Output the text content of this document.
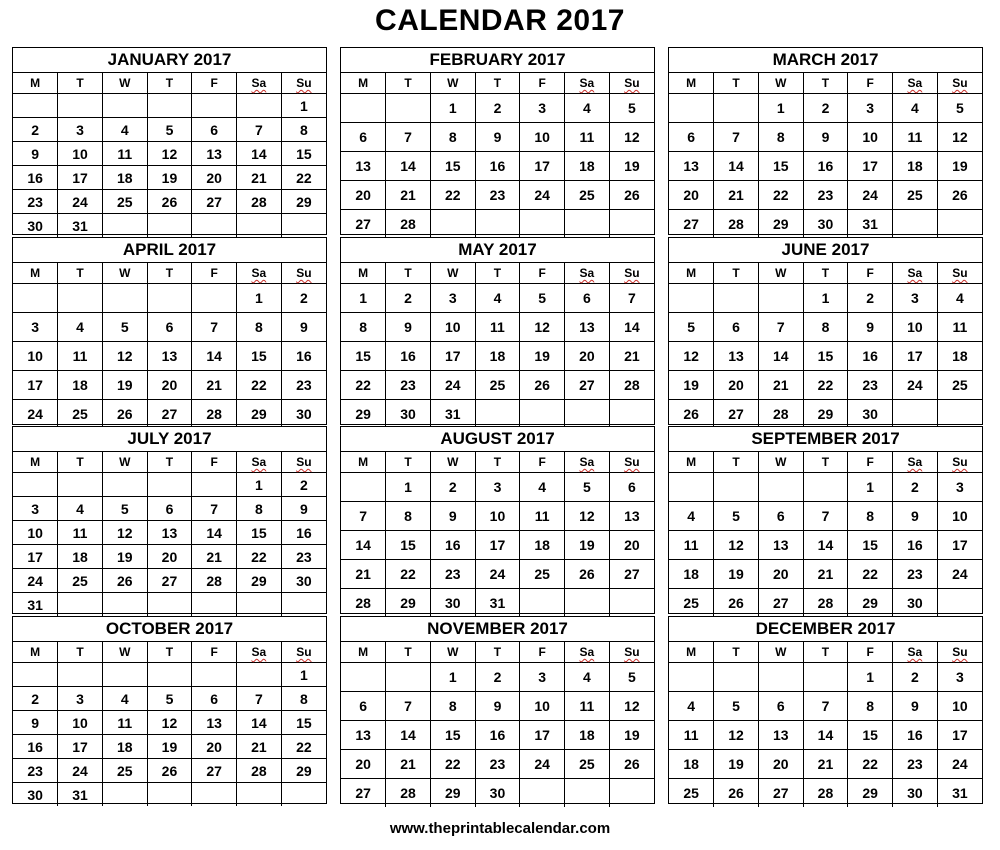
CALENDAR 2017
JANUARY 2017
M	T	W	T	F	Sa	Su
						1
2	3	4	5	6	7	8
9	10	11	12	13	14	15
16	17	18	19	20	21	22
23	24	25	26	27	28	29
30	31					
FEBRUARY 2017
M	T	W	T	F	Sa	Su
		1	2	3	4	5
6	7	8	9	10	11	12
13	14	15	16	17	18	19
20	21	22	23	24	25	26
27	28					
MARCH 2017
M	T	W	T	F	Sa	Su
		1	2	3	4	5
6	7	8	9	10	11	12
13	14	15	16	17	18	19
20	21	22	23	24	25	26
27	28	29	30	31		
APRIL 2017
M	T	W	T	F	Sa	Su
					1	2
3	4	5	6	7	8	9
10	11	12	13	14	15	16
17	18	19	20	21	22	23
24	25	26	27	28	29	30
MAY 2017
M	T	W	T	F	Sa	Su
1	2	3	4	5	6	7
8	9	10	11	12	13	14
15	16	17	18	19	20	21
22	23	24	25	26	27	28
29	30	31				
JUNE 2017
M	T	W	T	F	Sa	Su
			1	2	3	4
5	6	7	8	9	10	11
12	13	14	15	16	17	18
19	20	21	22	23	24	25
26	27	28	29	30		
JULY 2017
M	T	W	T	F	Sa	Su
					1	2
3	4	5	6	7	8	9
10	11	12	13	14	15	16
17	18	19	20	21	22	23
24	25	26	27	28	29	30
31						
AUGUST 2017
M	T	W	T	F	Sa	Su
	1	2	3	4	5	6
7	8	9	10	11	12	13
14	15	16	17	18	19	20
21	22	23	24	25	26	27
28	29	30	31			
SEPTEMBER 2017
M	T	W	T	F	Sa	Su
				1	2	3
4	5	6	7	8	9	10
11	12	13	14	15	16	17
18	19	20	21	22	23	24
25	26	27	28	29	30	
OCTOBER 2017
M	T	W	T	F	Sa	Su
						1
2	3	4	5	6	7	8
9	10	11	12	13	14	15
16	17	18	19	20	21	22
23	24	25	26	27	28	29
30	31					
NOVEMBER 2017
M	T	W	T	F	Sa	Su
		1	2	3	4	5
6	7	8	9	10	11	12
13	14	15	16	17	18	19
20	21	22	23	24	25	26
27	28	29	30			
DECEMBER 2017
M	T	W	T	F	Sa	Su
				1	2	3
4	5	6	7	8	9	10
11	12	13	14	15	16	17
18	19	20	21	22	23	24
25	26	27	28	29	30	31
www.theprintablecalendar.com
